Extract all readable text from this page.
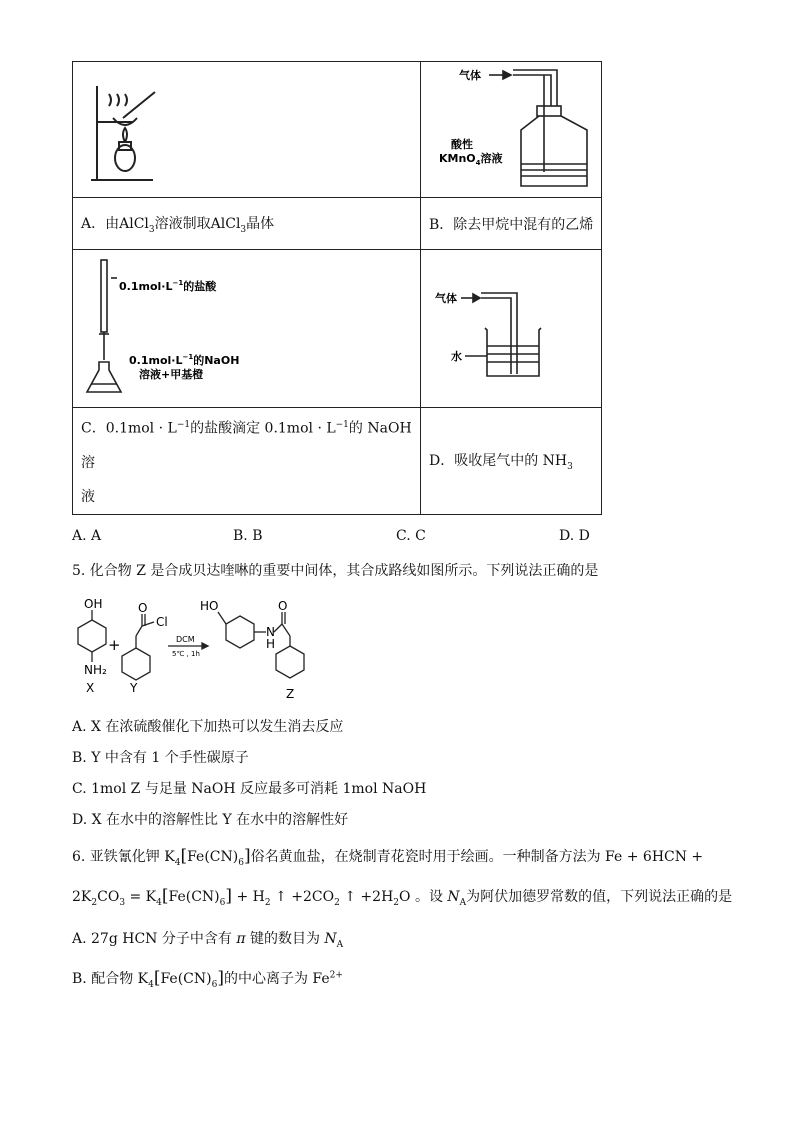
气体
酸性
KMnO$_4$溶液

A．由AlCl$_3$溶液制取AlCl$_3$晶体	B．除去甲烷中混有的乙烯

$0.1mol\cdot L^{-1}$的盐酸
$0.1mol\cdot L^{-1}$的NaOH
溶液+甲基橙	气体
水

C．$0.1mol \cdot L^{-1}$的盐酸滴定 $0.1mol \cdot L^{-1}$的 NaOH 溶
液	D．吸收尾气中的 $NH_3$
A. A	B. B	C. C	D. D
5. 化合物 Z 是合成贝达喹啉的重要中间体，其合成路线如图所示。下列说法正确的是
OH
NH₂
X
+
O
Cl
Y
DCM
5℃ , 1h
HO	O
N
H
Z
A. X 在浓硫酸催化下加热可以发生消去反应
B. Y 中含有 1 个手性碳原子
C. 1mol Z 与足量 NaOH 反应最多可消耗 1mol NaOH
D. X 在水中的溶解性比 Y 在水中的溶解性好
6. 亚铁氰化钾 $K_4[Fe(CN)_6]$俗名黄血盐，在烧制青花瓷时用于绘画。一种制备方法为 Fe + 6HCN +
$2K_2CO_3 = K_4[Fe(CN)_6] + H_2$ ↑ $+2CO_2$ ↑ $+2H_2O$ 。设 $N_A$为阿伏加德罗常数的值，下列说法正确的是
A. 27g HCN 分子中含有 π 键的数目为 $N_A$
B. 配合物 $K_4[Fe(CN)_6]$的中心离子为 $Fe^{2+}$
